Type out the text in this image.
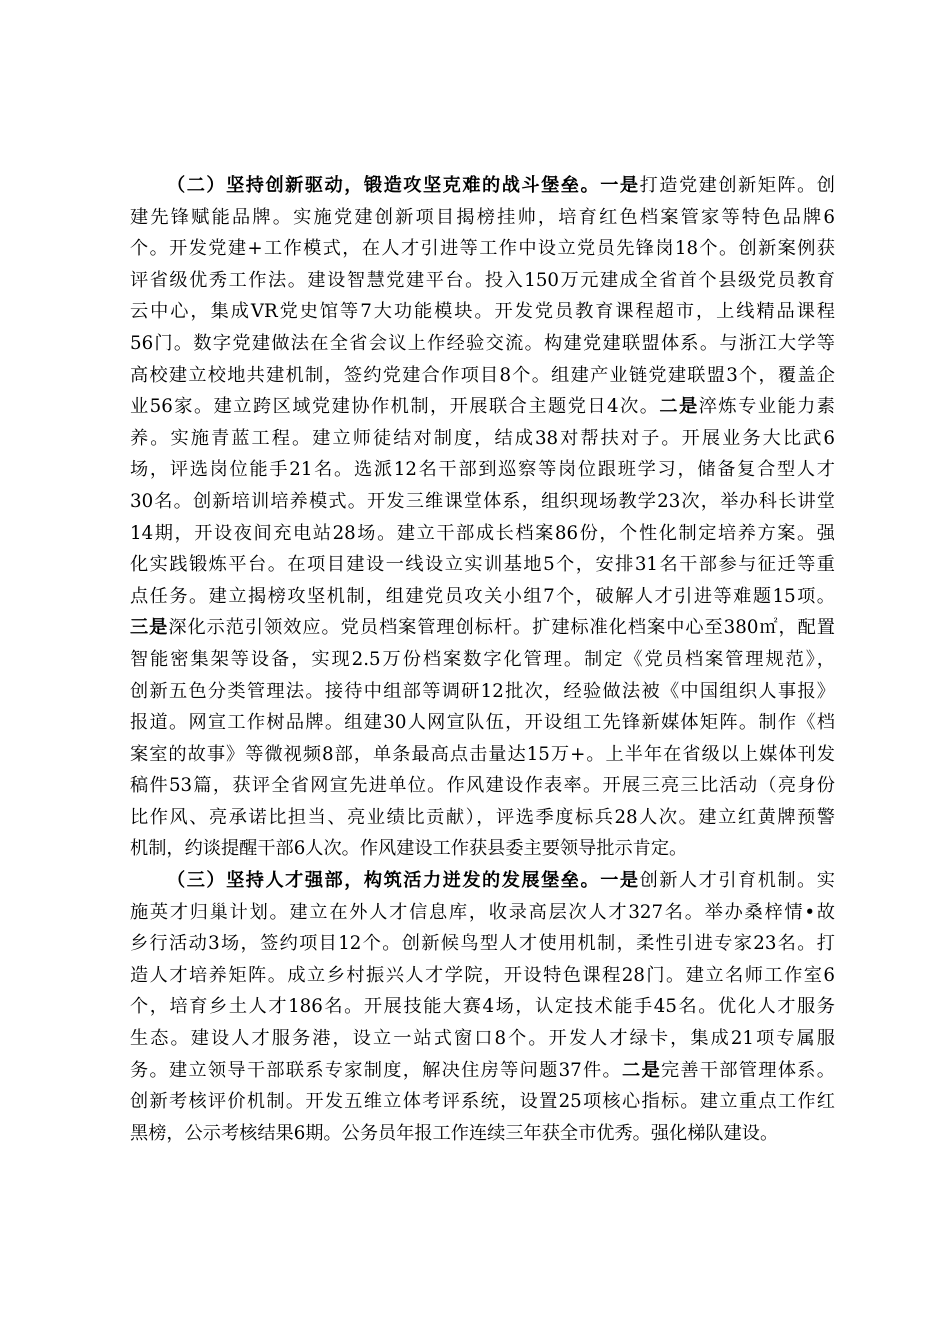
（二）坚持创新驱动，锻造攻坚克难的战斗堡垒。一是打造党建创新矩阵。创
建先锋赋能品牌。实施党建创新项目揭榜挂帅，培育红色档案管家等特色品牌6
个。开发党建+工作模式，在人才引进等工作中设立党员先锋岗18个。创新案例获
评省级优秀工作法。建设智慧党建平台。投入150万元建成全省首个县级党员教育
云中心，集成VR党史馆等7大功能模块。开发党员教育课程超市，上线精品课程
56门。数字党建做法在全省会议上作经验交流。构建党建联盟体系。与浙江大学等
高校建立校地共建机制，签约党建合作项目8个。组建产业链党建联盟3个，覆盖企
业56家。建立跨区域党建协作机制，开展联合主题党日4次。二是淬炼专业能力素
养。实施青蓝工程。建立师徒结对制度，结成38对帮扶对子。开展业务大比武6
场，评选岗位能手21名。选派12名干部到巡察等岗位跟班学习，储备复合型人才
30名。创新培训培养模式。开发三维课堂体系，组织现场教学23次，举办科长讲堂
14期，开设夜间充电站28场。建立干部成长档案86份，个性化制定培养方案。强
化实践锻炼平台。在项目建设一线设立实训基地5个，安排31名干部参与征迁等重
点任务。建立揭榜攻坚机制，组建党员攻关小组7个，破解人才引进等难题15项。
三是深化示范引领效应。党员档案管理创标杆。扩建标准化档案中心至380㎡，配置
智能密集架等设备，实现2.5万份档案数字化管理。制定《党员档案管理规范》，
创新五色分类管理法。接待中组部等调研12批次，经验做法被《中国组织人事报》
报道。网宣工作树品牌。组建30人网宣队伍，开设组工先锋新媒体矩阵。制作《档
案室的故事》等微视频8部，单条最高点击量达15万+。上半年在省级以上媒体刊发
稿件53篇，获评全省网宣先进单位。作风建设作表率。开展三亮三比活动（亮身份
比作风、亮承诺比担当、亮业绩比贡献），评选季度标兵28人次。建立红黄牌预警
机制，约谈提醒干部6人次。作风建设工作获县委主要领导批示肯定。
（三）坚持人才强部，构筑活力迸发的发展堡垒。一是创新人才引育机制。实
施英才归巢计划。建立在外人才信息库，收录高层次人才327名。举办桑梓情•故
乡行活动3场，签约项目12个。创新候鸟型人才使用机制，柔性引进专家23名。打
造人才培养矩阵。成立乡村振兴人才学院，开设特色课程28门。建立名师工作室6
个，培育乡土人才186名。开展技能大赛4场，认定技术能手45名。优化人才服务
生态。建设人才服务港，设立一站式窗口8个。开发人才绿卡，集成21项专属服
务。建立领导干部联系专家制度，解决住房等问题37件。二是完善干部管理体系。
创新考核评价机制。开发五维立体考评系统，设置25项核心指标。建立重点工作红
黑榜，公示考核结果6期。公务员年报工作连续三年获全市优秀。强化梯队建设。
